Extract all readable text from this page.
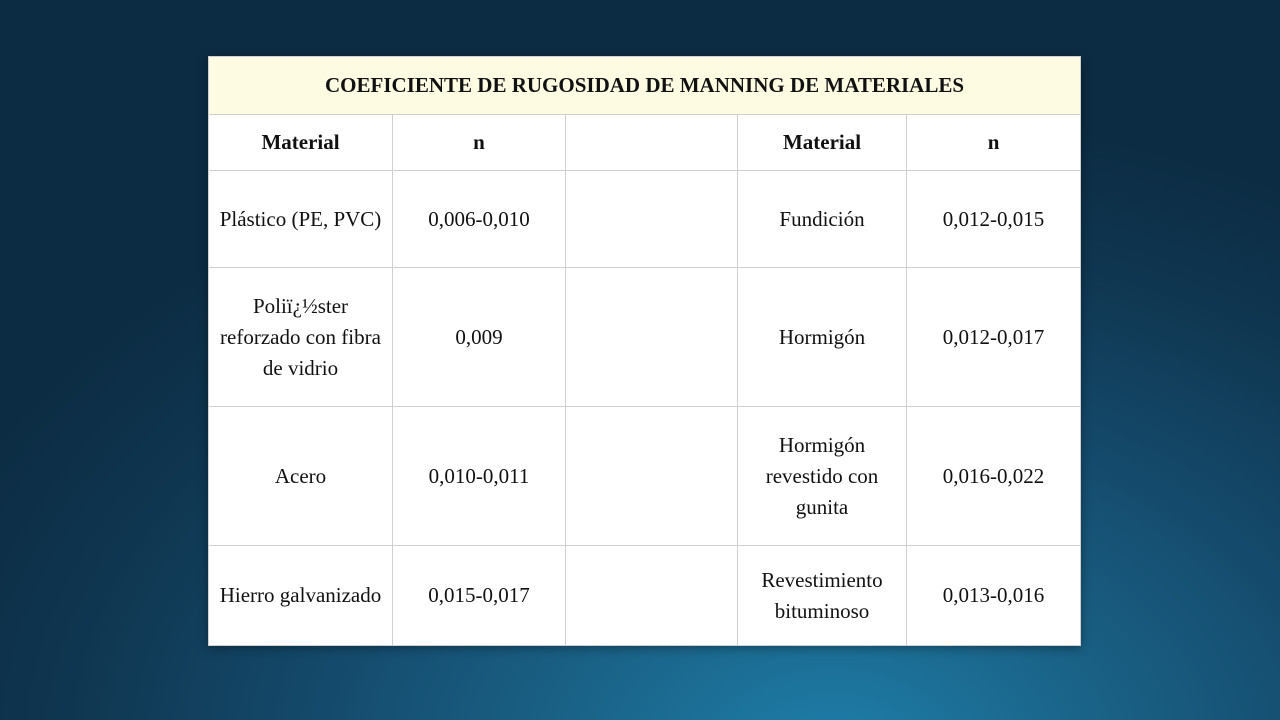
COEFICIENTE DE RUGOSIDAD DE MANNING DE MATERIALES				
Material	n		Material	n
Plástico (PE, PVC)	0,006-0,010		Fundición	0,012-0,015
Poliï¿½ster reforzado con fibra de vidrio	0,009		Hormigón	0,012-0,017
Acero	0,010-0,011		Hormigón revestido con gunita	0,016-0,022
Hierro galvanizado	0,015-0,017		Revestimiento bituminoso	0,013-0,016
